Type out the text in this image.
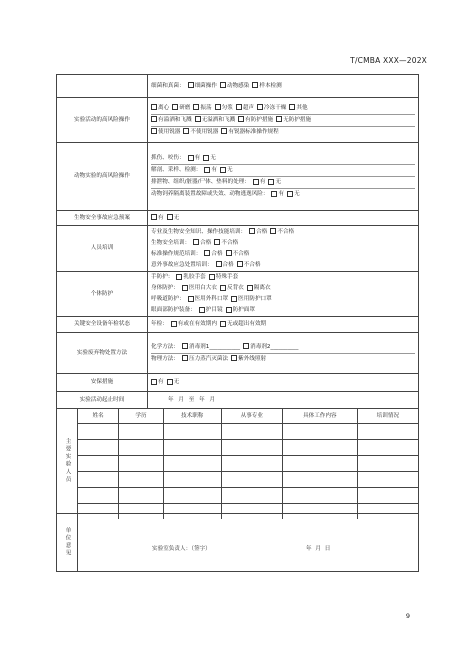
T/CMBA XXX—202X

细菌和真菌： 细菌操作 动物感染 样本检测

实验活动的高风险操作	
离心 研磨 振荡 匀浆 超声 冷冻干燥 其他
有溢洒和飞溅 无溢洒和飞溅 有防护措施 无防护措施
使用锐器 不使用锐器 有锐器标准操作规程

动物实验的高风险操作	
抓伤、咬伤： 有 无
解剖、采样、检测： 有 无
排泄物、组织/脏器/尸体、垫料的处理： 有 无
动物饲养隔离装置故障或失效、动物逃逸风险： 有 无

生物安全事故应急预案	有 无

人员培训	
专业及生物安全知识、操作技能培训： 合格 不合格
生物安全培训： 合格 不合格
标准操作规范培训： 合格 不合格
意外事故应急处置培训： 合格 不合格

个体防护	
手防护： 乳胶手套 特殊手套
身体防护： 医用白大衣 反背衣 隔离衣
呼吸道防护： 医用外科口罩 医用防护口罩
眼面部防护装备： 护目镜 防护面罩

关键安全设备年检状态	年检： 有或在有效期内 无或超出有效期

实验废弃物处置方法	
化学方法： 消毒剂1___________ 消毒剂2__________
物理方法： 压力蒸汽灭菌法 紫外线照射

安保措施	有 无

实验活动起止时间	年 月 至 年 月

主要实验人员
姓名	学历	技术职称	从事专业	具体工作内容	培训情况

单位意见	实验室负责人：（签字）	年 月 日
9
